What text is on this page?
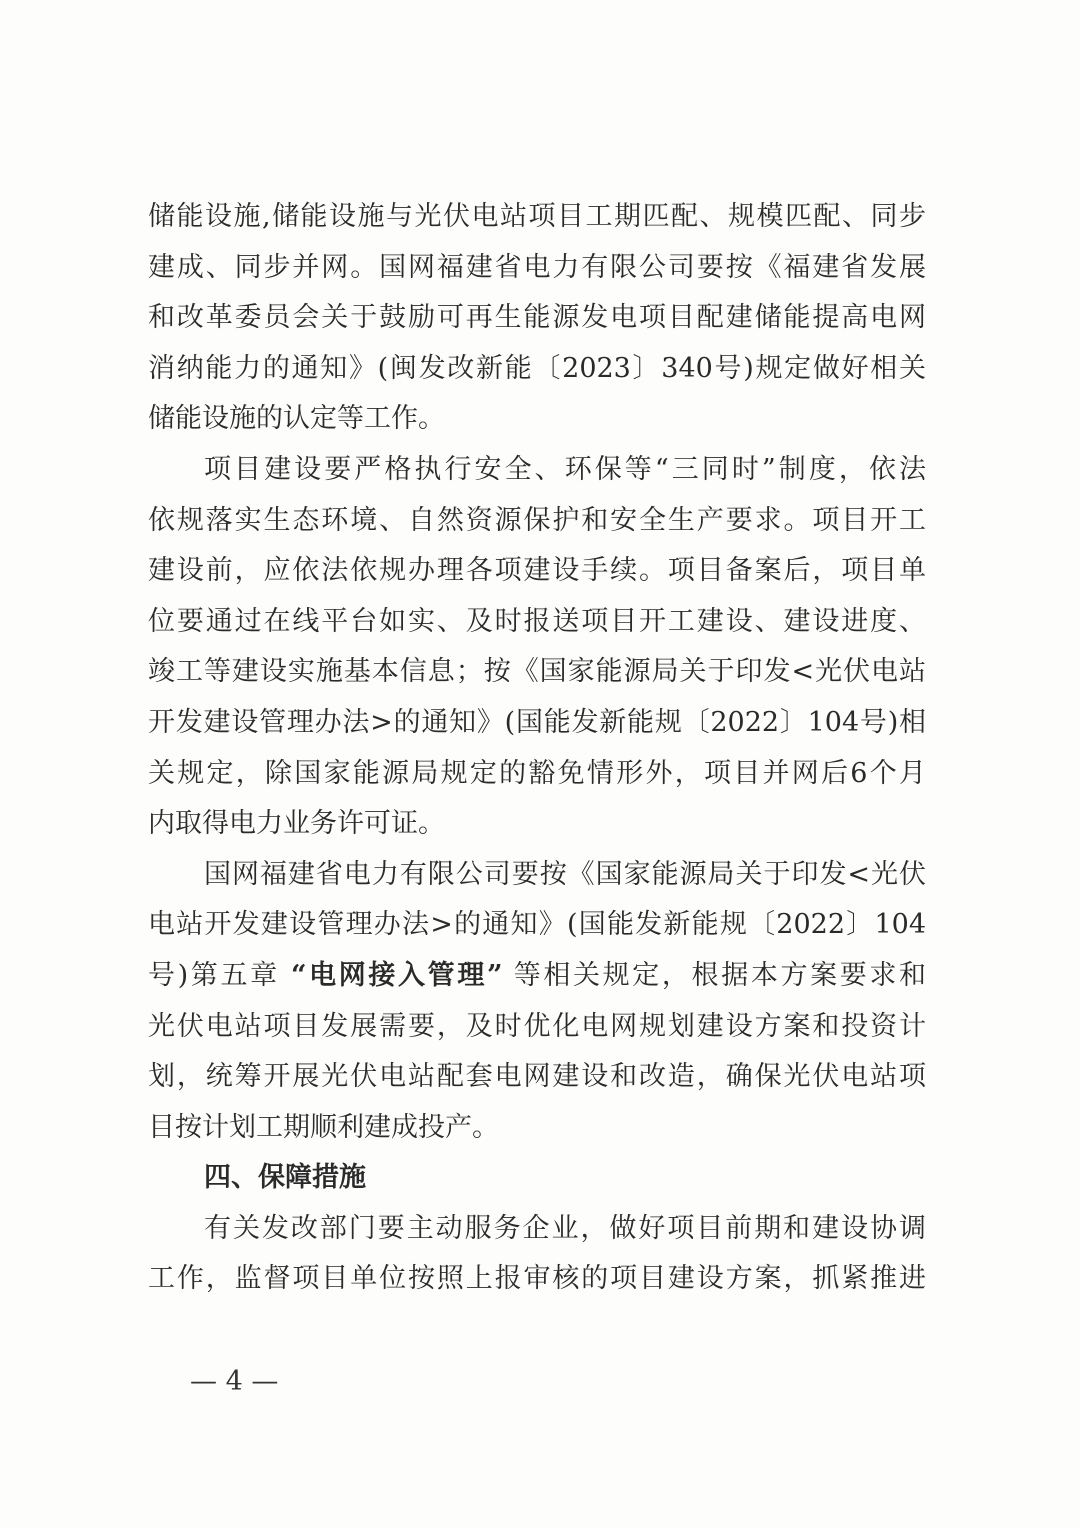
储能设施,储能设施与光伏电站项目工期匹配、规模匹配、同步
建成、同步并网。国网福建省电力有限公司要按《福建省发展
和改革委员会关于鼓励可再生能源发电项目配建储能提高电网
消纳能力的通知》(闽发改新能〔2023〕340号)规定做好相关
储能设施的认定等工作。
项目建设要严格执行安全、环保等“三同时”制度，依法
依规落实生态环境、自然资源保护和安全生产要求。项目开工
建设前，应依法依规办理各项建设手续。项目备案后，项目单
位要通过在线平台如实、及时报送项目开工建设、建设进度、
竣工等建设实施基本信息；按《国家能源局关于印发<光伏电站
开发建设管理办法>的通知》(国能发新能规〔2022〕104号)相
关规定，除国家能源局规定的豁免情形外，项目并网后6个月
内取得电力业务许可证。
国网福建省电力有限公司要按《国家能源局关于印发<光伏
电站开发建设管理办法>的通知》(国能发新能规〔2022〕104
号)第五章 “电网接入管理” 等相关规定，根据本方案要求和
光伏电站项目发展需要，及时优化电网规划建设方案和投资计
划，统筹开展光伏电站配套电网建设和改造，确保光伏电站项
目按计划工期顺利建成投产。
四、保障措施
有关发改部门要主动服务企业，做好项目前期和建设协调
工作，监督项目单位按照上报审核的项目建设方案，抓紧推进
— 4 —
